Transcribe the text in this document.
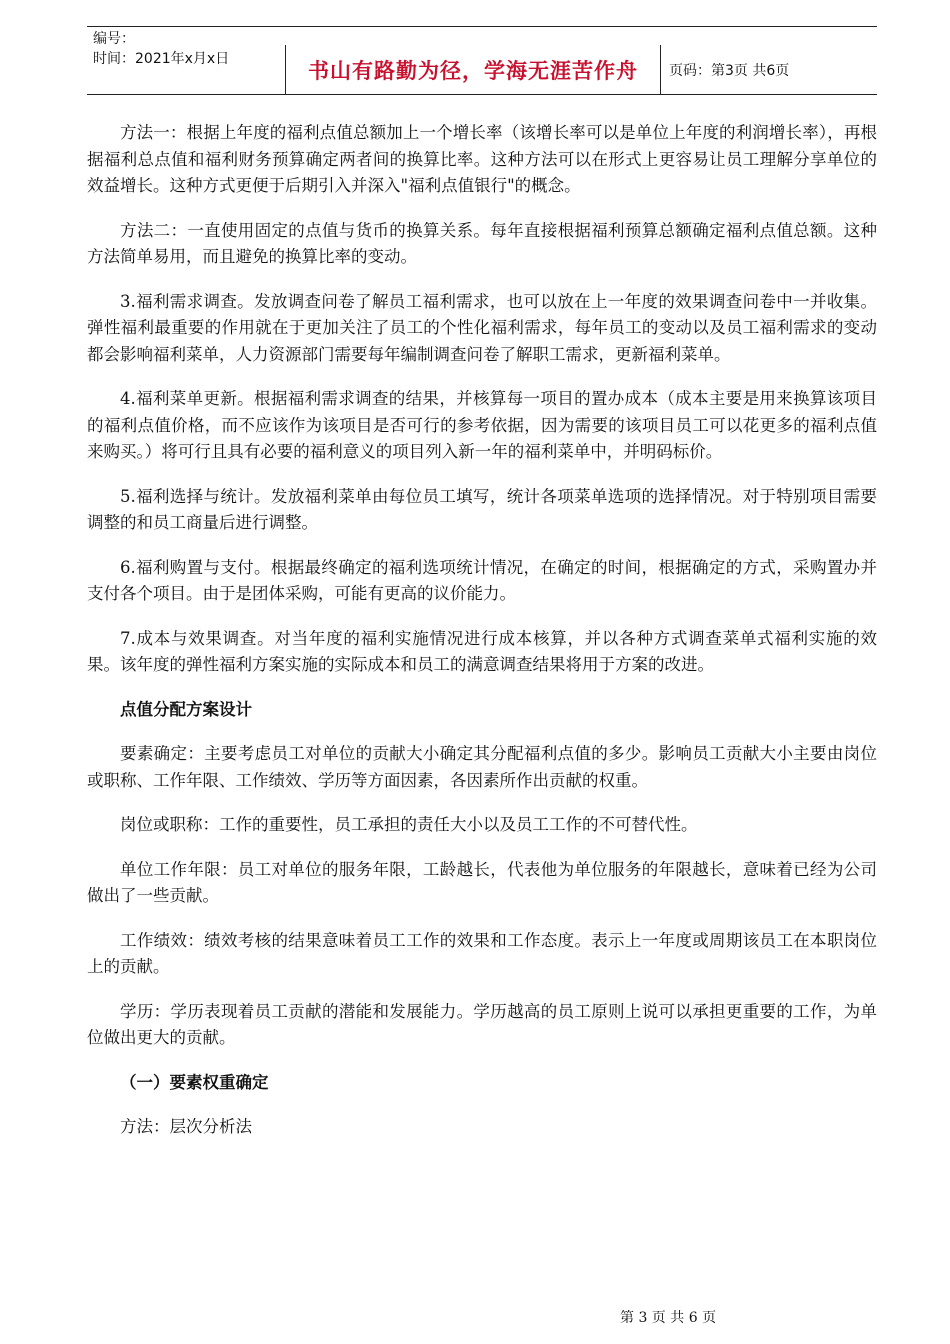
编号：
时间：2021年x月x日	书山有路勤为径，学海无涯苦作舟	页码：第3页 共6页

方法一：根据上年度的福利点值总额加上一个增长率（该增长率可以是单位上年度的利润增长率），再根据福利总点值和福利财务预算确定两者间的换算比率。这种方法可以在形式上更容易让员工理解分享单位的效益增长。这种方式更便于后期引入并深入"福利点值银行"的概念。

方法二：一直使用固定的点值与货币的换算关系。每年直接根据福利预算总额确定福利点值总额。这种方法简单易用，而且避免的换算比率的变动。

3.福利需求调查。发放调查问卷了解员工福利需求，也可以放在上一年度的效果调查问卷中一并收集。弹性福利最重要的作用就在于更加关注了员工的个性化福利需求，每年员工的变动以及员工福利需求的变动都会影响福利菜单，人力资源部门需要每年编制调查问卷了解职工需求，更新福利菜单。

4.福利菜单更新。根据福利需求调查的结果，并核算每一项目的置办成本（成本主要是用来换算该项目的福利点值价格，而不应该作为该项目是否可行的参考依据，因为需要的该项目员工可以花更多的福利点值来购买。）将可行且具有必要的福利意义的项目列入新一年的福利菜单中，并明码标价。

5.福利选择与统计。发放福利菜单由每位员工填写，统计各项菜单选项的选择情况。对于特别项目需要调整的和员工商量后进行调整。

6.福利购置与支付。根据最终确定的福利选项统计情况，在确定的时间，根据确定的方式，采购置办并支付各个项目。由于是团体采购，可能有更高的议价能力。

7.成本与效果调查。对当年度的福利实施情况进行成本核算，并以各种方式调查菜单式福利实施的效果。该年度的弹性福利方案实施的实际成本和员工的满意调查结果将用于方案的改进。

点值分配方案设计

要素确定：主要考虑员工对单位的贡献大小确定其分配福利点值的多少。影响员工贡献大小主要由岗位或职称、工作年限、工作绩效、学历等方面因素，各因素所作出贡献的权重。

岗位或职称：工作的重要性，员工承担的责任大小以及员工工作的不可替代性。

单位工作年限：员工对单位的服务年限，工龄越长，代表他为单位服务的年限越长，意味着已经为公司做出了一些贡献。

工作绩效：绩效考核的结果意味着员工工作的效果和工作态度。表示上一年度或周期该员工在本职岗位上的贡献。

学历：学历表现着员工贡献的潜能和发展能力。学历越高的员工原则上说可以承担更重要的工作，为单位做出更大的贡献。

（一）要素权重确定

方法：层次分析法

第 3 页 共 6 页
